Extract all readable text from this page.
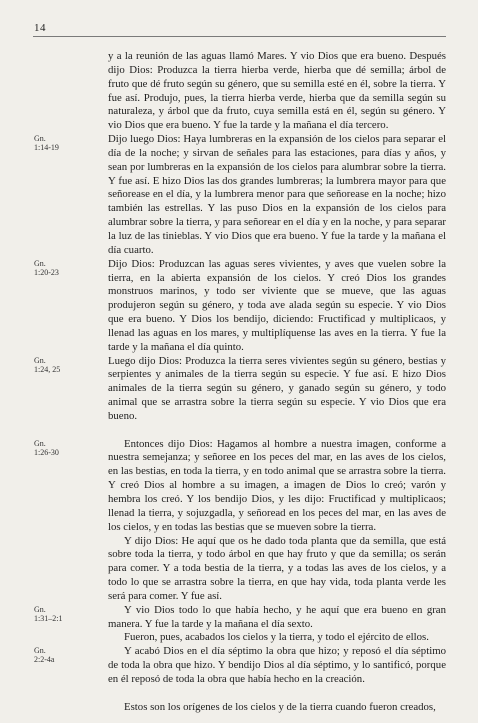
14

y a la reunión de las aguas llamó Mares. Y vio Dios que era bueno. Después dijo Dios: Produzca la tierra hierba verde, hierba que dé semilla; árbol de fruto que dé fruto según su género, que su semilla esté en él, sobre la tierra. Y fue así. Produjo, pues, la tierra hierba verde, hierba que da semilla según su naturaleza, y árbol que da fruto, cuya semilla está en él, según su género. Y vio Dios que era bueno. Y fue la tarde y la mañana el día tercero.

Gn.
1:14-19
Dijo luego Dios: Haya lumbreras en la expansión de los cielos para separar el día de la noche; y sirvan de señales para las estaciones, para días y años, y sean por lumbreras en la expansión de los cielos para alumbrar sobre la tierra. Y fue así. E hizo Dios las dos grandes lumbreras; la lumbrera mayor para que señorease en el día, y la lumbrera menor para que señorease en la noche; hizo también las estrellas. Y las puso Dios en la expansión de los cielos para alumbrar sobre la tierra, y para señorear en el día y en la noche, y para separar la luz de las tinieblas. Y vio Dios que era bueno. Y fue la tarde y la mañana el día cuarto.

Gn.
1:20-23
Dijo Dios: Produzcan las aguas seres vivientes, y aves que vuelen sobre la tierra, en la abierta expansión de los cielos. Y creó Dios los grandes monstruos marinos, y todo ser viviente que se mueve, que las aguas produjeron según su género, y toda ave alada según su especie. Y vio Dios que era bueno. Y Dios los bendijo, diciendo: Fructificad y multiplicaos, y llenad las aguas en los mares, y multiplíquense las aves en la tierra. Y fue la tarde y la mañana el día quinto.

Gn.
1:24, 25
Luego dijo Dios: Produzca la tierra seres vivientes según su género, bestias y serpientes y animales de la tierra según su especie. Y fue así. E hizo Dios animales de la tierra según su género, y ganado según su género, y todo animal que se arrastra sobre la tierra según su especie. Y vio Dios que era bueno.

Gn.
1:26-30
Entonces dijo Dios: Hagamos al hombre a nuestra imagen, conforme a nuestra semejanza; y señoree en los peces del mar, en las aves de los cielos, en las bestias, en toda la tierra, y en todo animal que se arrastra sobre la tierra. Y creó Dios al hombre a su imagen, a imagen de Dios lo creó; varón y hembra los creó. Y los bendijo Dios, y les dijo: Fructificad y multiplicaos; llenad la tierra, y sojuzgadla, y señoread en los peces del mar, en las aves de los cielos, y en todas las bestias que se mueven sobre la tierra.

Y dijo Dios: He aquí que os he dado toda planta que da semilla, que está sobre toda la tierra, y todo árbol en que hay fruto y que da semilla; os serán para comer. Y a toda bestia de la tierra, y a todas las aves de los cielos, y a todo lo que se arrastra sobre la tierra, en que hay vida, toda planta verde les será para comer. Y fue así.

Gn.
1:31–2:1
Y vio Dios todo lo que había hecho, y he aquí que era bueno en gran manera. Y fue la tarde y la mañana el día sexto.

Fueron, pues, acabados los cielos y la tierra, y todo el ejército de ellos.

Gn.
2:2-4a
Y acabó Dios en el día séptimo la obra que hizo; y reposó el día séptimo de toda la obra que hizo. Y bendijo Dios al día séptimo, y lo santificó, porque en él reposó de toda la obra que había hecho en la creación.

Estos son los orígenes de los cielos y de la tierra cuando fueron creados,
